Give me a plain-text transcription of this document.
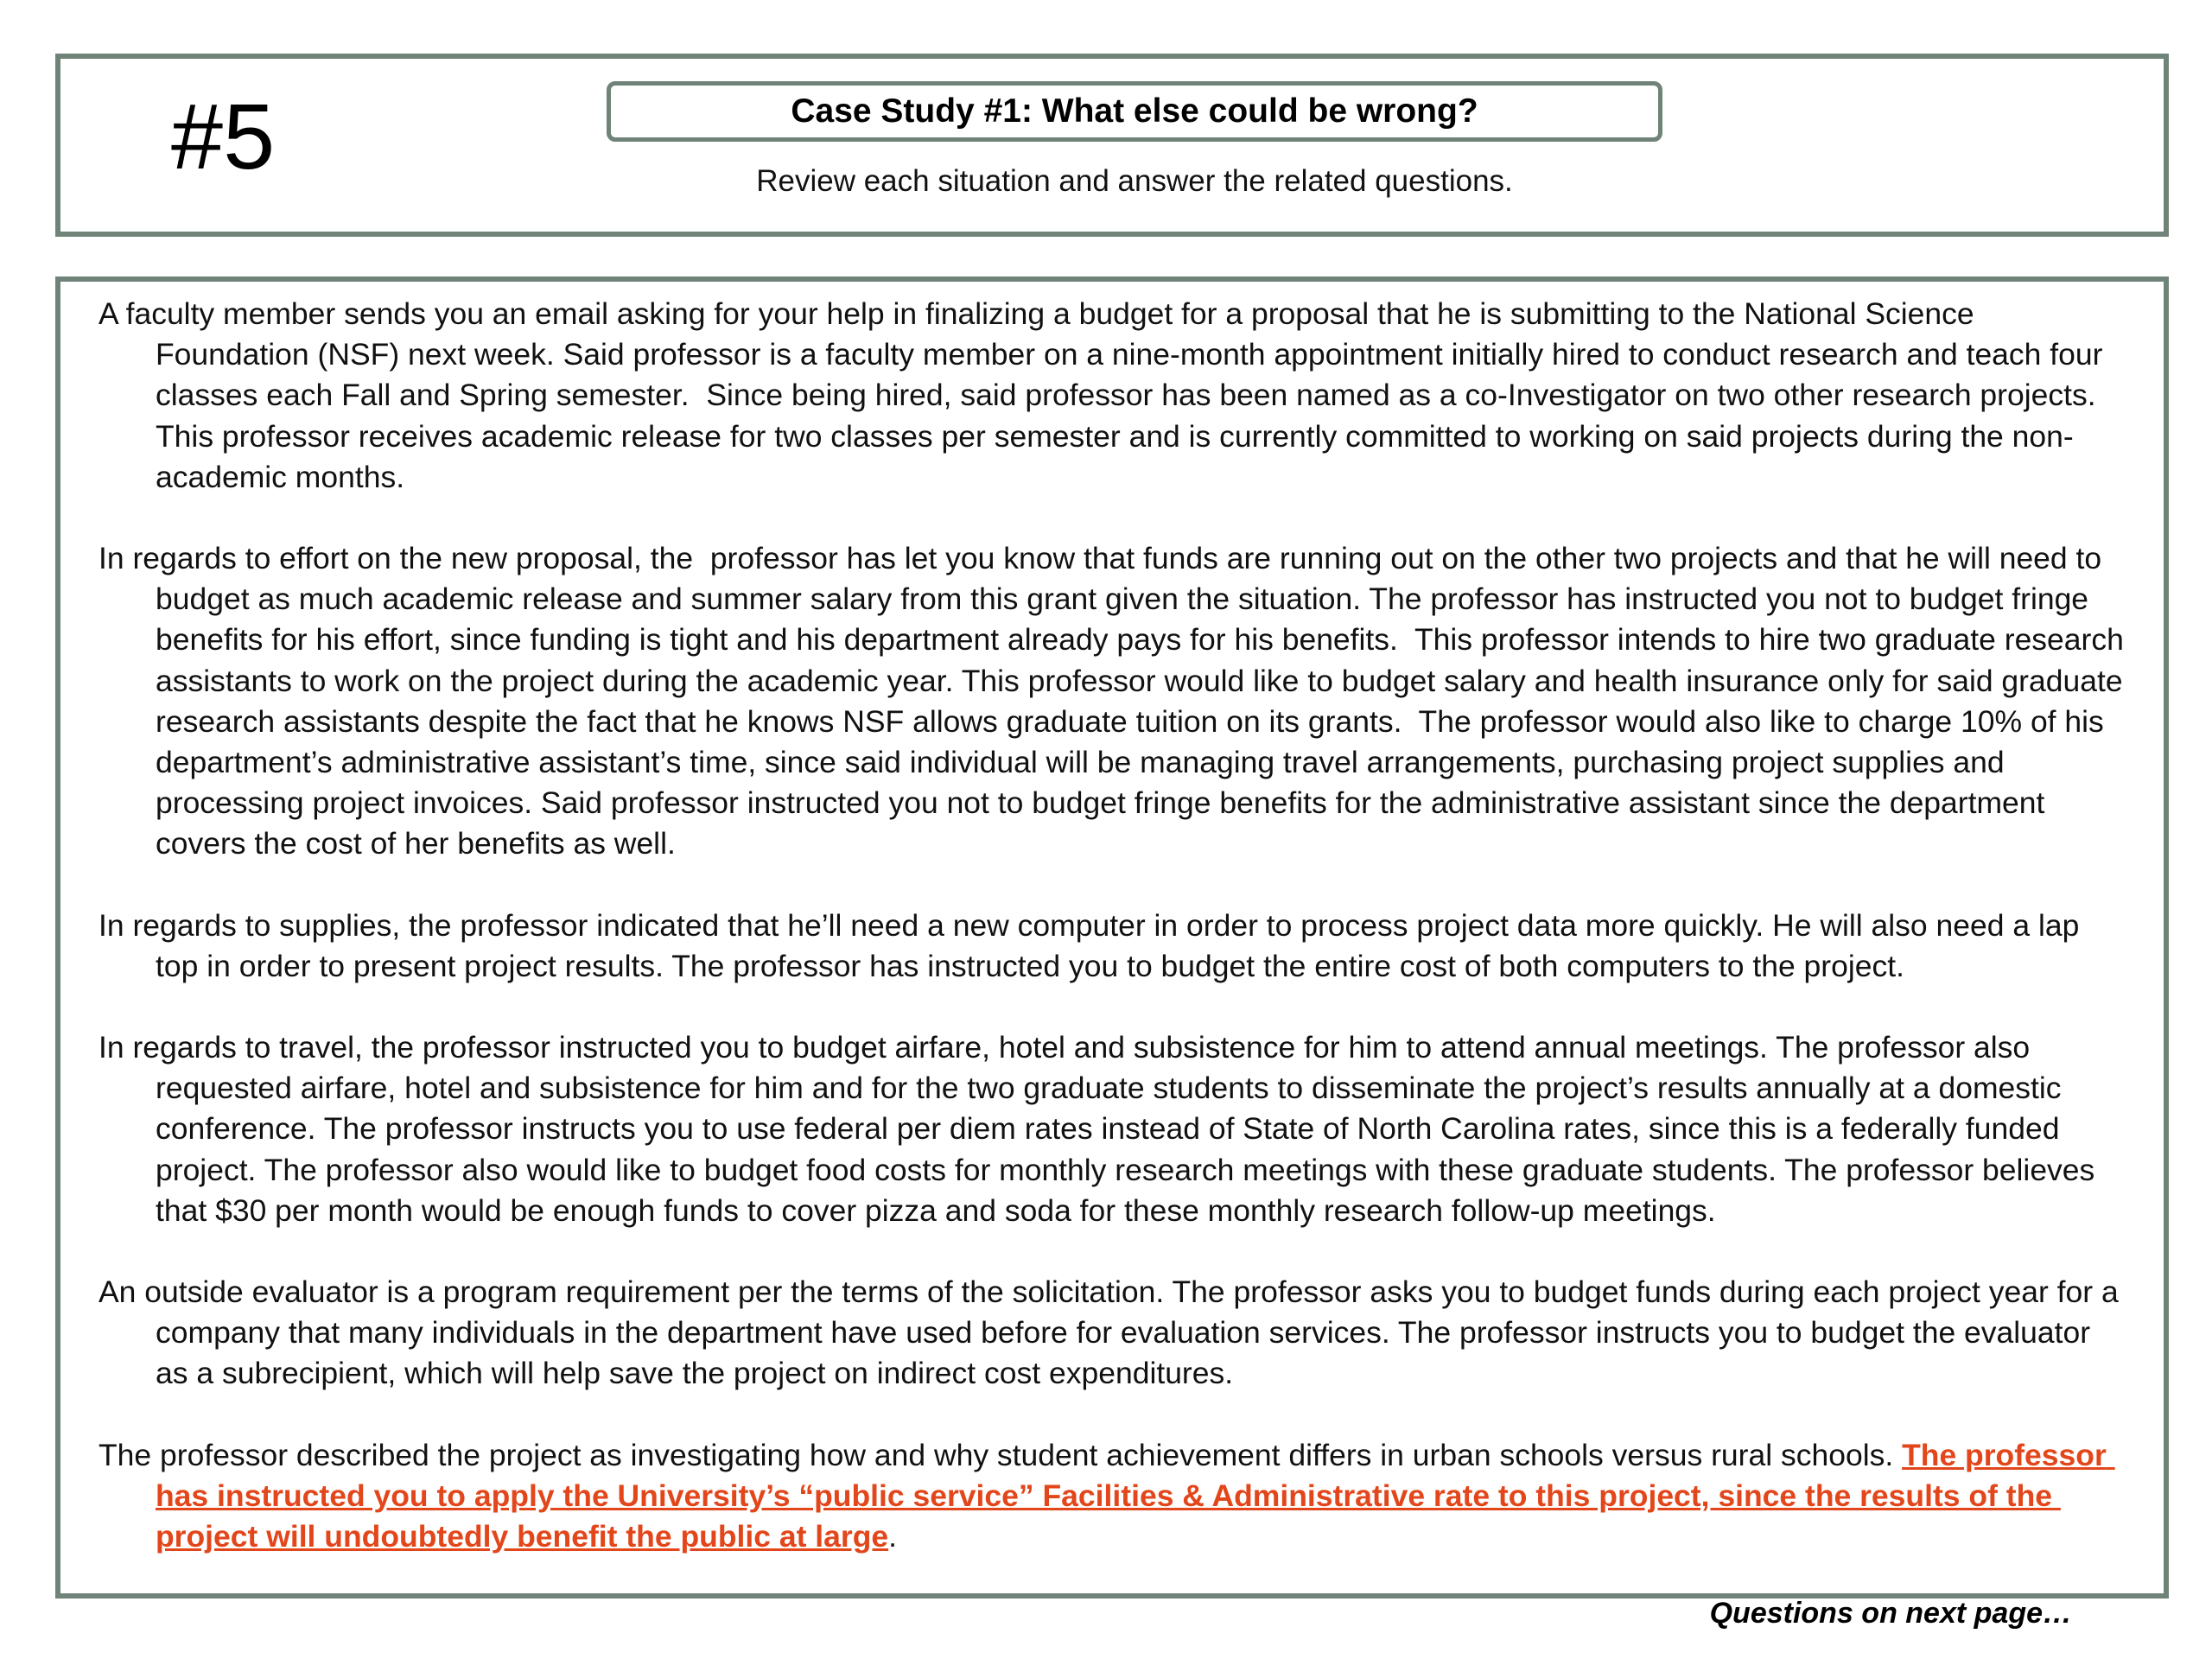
#5	Case Study #1: What else could be wrong?
Review each situation and answer the related questions.

A faculty member sends you an email asking for your help in finalizing a budget for a proposal that he is submitting to the National Science Foundation (NSF) next week. Said professor is a faculty member on a nine-month appointment initially hired to conduct research and teach four classes each Fall and Spring semester.  Since being hired, said professor has been named as a co-Investigator on two other research projects.   This professor receives academic release for two classes per semester and is currently committed to working on said projects during the non-academic months.

In regards to effort on the new proposal, the  professor has let you know that funds are running out on the other two projects and that he will need to budget as much academic release and summer salary from this grant given the situation. The professor has instructed you not to budget fringe benefits for his effort, since funding is tight and his department already pays for his benefits.  This professor intends to hire two graduate research assistants to work on the project during the academic year. This professor would like to budget salary and health insurance only for said graduate research assistants despite the fact that he knows NSF allows graduate tuition on its grants.  The professor would also like to charge 10% of his department’s administrative assistant’s time, since said individual will be managing travel arrangements, purchasing project supplies and processing project invoices. Said professor instructed you not to budget fringe benefits for the administrative assistant since the department covers the cost of her benefits as well.

In regards to supplies, the professor indicated that he’ll need a new computer in order to process project data more quickly. He will also need a lap top in order to present project results. The professor has instructed you to budget the entire cost of both computers to the project.

In regards to travel, the professor instructed you to budget airfare, hotel and subsistence for him to attend annual meetings. The professor also requested airfare, hotel and subsistence for him and for the two graduate students to disseminate the project’s results annually at a domestic conference. The professor instructs you to use federal per diem rates instead of State of North Carolina rates, since this is a federally funded project. The professor also would like to budget food costs for monthly research meetings with these graduate students. The professor believes that $30 per month would be enough funds to cover pizza and soda for these monthly research follow-up meetings.

An outside evaluator is a program requirement per the terms of the solicitation. The professor asks you to budget funds during each project year for a company that many individuals in the department have used before for evaluation services. The professor instructs you to budget the evaluator as a subrecipient, which will help save the project on indirect cost expenditures.

The professor described the project as investigating how and why student achievement differs in urban schools versus rural schools. The professor has instructed you to apply the University’s “public service” Facilities & Administrative rate to this project, since the results of the project will undoubtedly benefit the public at large.

Questions on next page…
